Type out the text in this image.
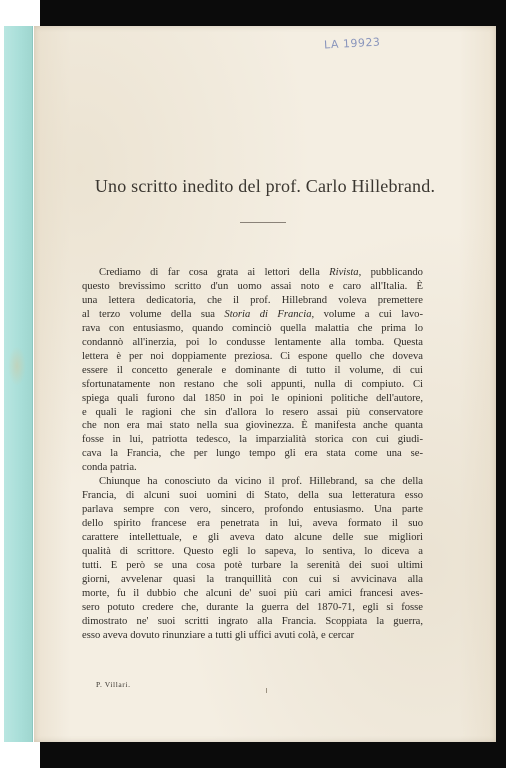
LA 19923
Uno scritto inedito del prof. Carlo Hillebrand.
Crediamo di far cosa grata ai lettori della Rivista, pubblicando
questo brevissimo scritto d'un uomo assai noto e caro all'Italia. È
una lettera dedicatoria, che il prof. Hillebrand voleva premettere
al terzo volume della sua Storia di Francia, volume a cui lavo-
rava con entusiasmo, quando cominciò quella malattia che prima lo
condannò all'inerzia, poi lo condusse lentamente alla tomba. Questa
lettera è per noi doppiamente preziosa. Ci espone quello che doveva
essere il concetto generale e dominante di tutto il volume, di cui
sfortunatamente non restano che soli appunti, nulla di compiuto. Ci
spiega quali furono dal 1850 in poi le opinioni politiche dell'autore,
e quali le ragioni che sin d'allora lo resero assai più conservatore
che non era mai stato nella sua giovinezza. È manifesta anche quanta
fosse in lui, patriotta tedesco, la imparzialità storica con cui giudi-
cava la Francia, che per lungo tempo gli era stata come una se-
conda patria.
Chiunque ha conosciuto da vicino il prof. Hillebrand, sa che della
Francia, di alcuni suoi uomini di Stato, della sua letteratura esso
parlava sempre con vero, sincero, profondo entusiasmo. Una parte
dello spirito francese era penetrata in lui, aveva formato il suo
carattere intellettuale, e gli aveva dato alcune delle sue migliori
qualità di scrittore. Questo egli lo sapeva, lo sentiva, lo diceva a
tutti. E però se una cosa potè turbare la serenità dei suoi ultimi
giorni, avvelenar quasi la tranquillità con cui si avvicinava alla
morte, fu il dubbio che alcuni de' suoi più cari amici francesi aves-
sero potuto credere che, durante la guerra del 1870-71, egli si fosse
dimostrato ne' suoi scritti ingrato alla Francia. Scoppiata la guerra,
esso aveva dovuto rinunziare a tutti gli uffici avuti colà, e cercar
P. Villari.
